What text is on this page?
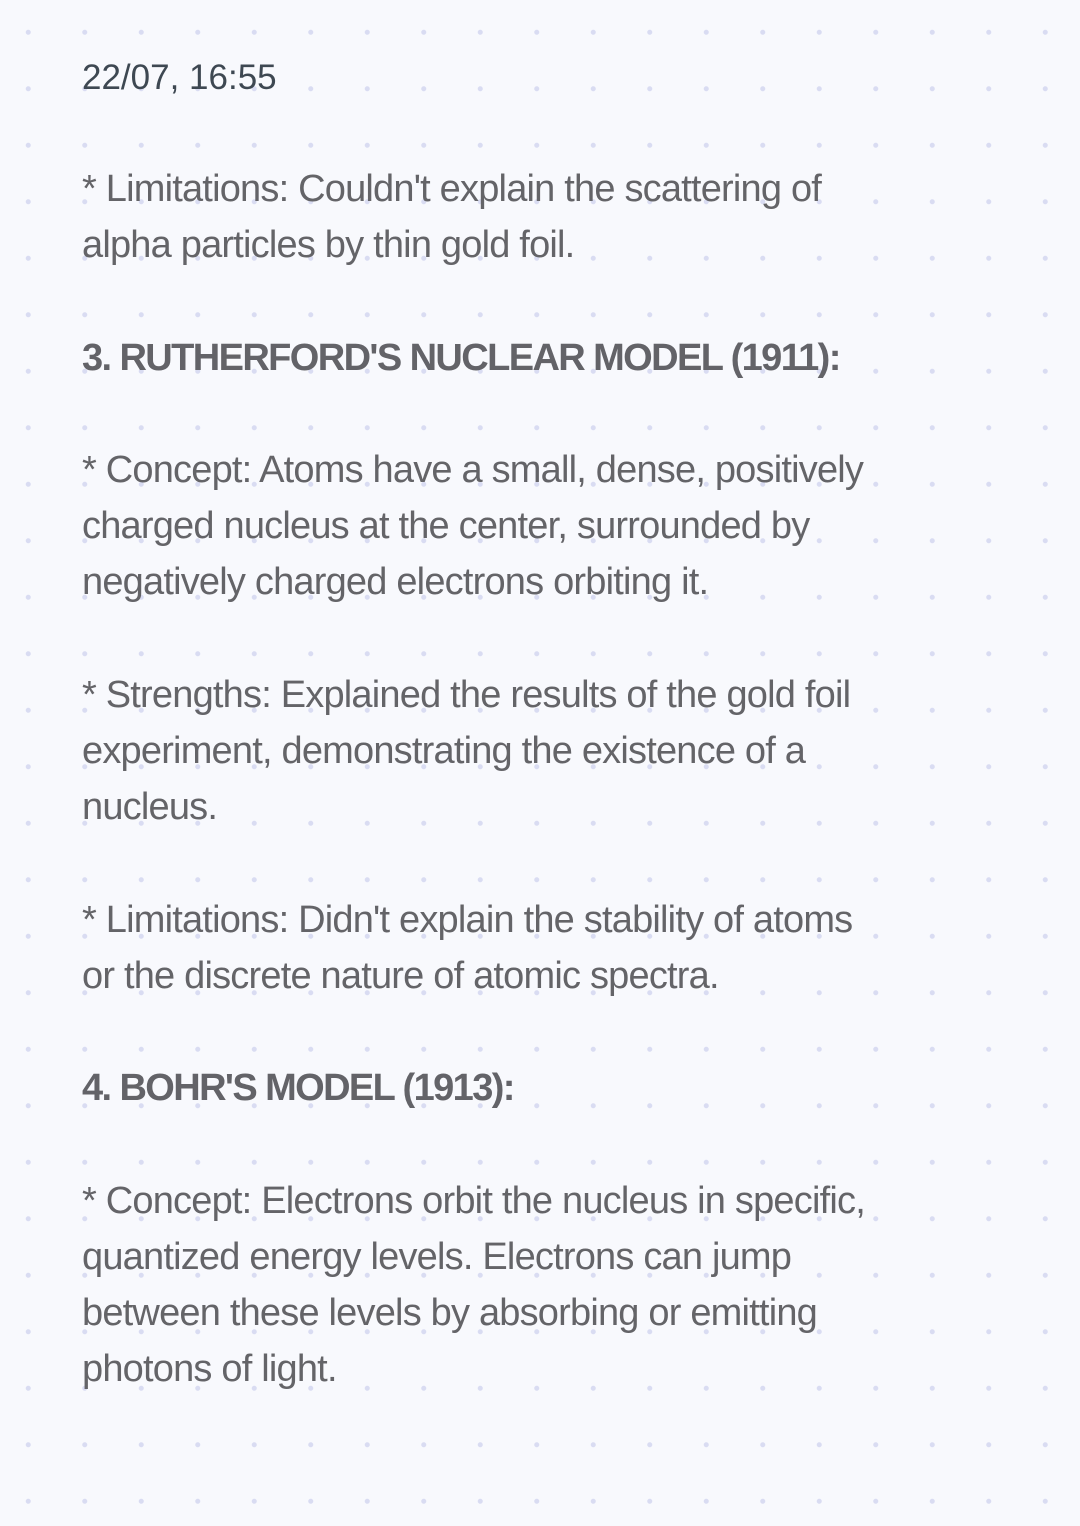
22/07, 16:55
* Limitations: Couldn't explain the scattering of
alpha particles by thin gold foil.
3. RUTHERFORD'S NUCLEAR MODEL (1911):
* Concept: Atoms have a small, dense, positively
charged nucleus at the center, surrounded by
negatively charged electrons orbiting it.
* Strengths: Explained the results of the gold foil
experiment, demonstrating the existence of a
nucleus.
* Limitations: Didn't explain the stability of atoms
or the discrete nature of atomic spectra.
4. BOHR'S MODEL (1913):
* Concept: Electrons orbit the nucleus in specific,
quantized energy levels. Electrons can jump
between these levels by absorbing or emitting
photons of light.
